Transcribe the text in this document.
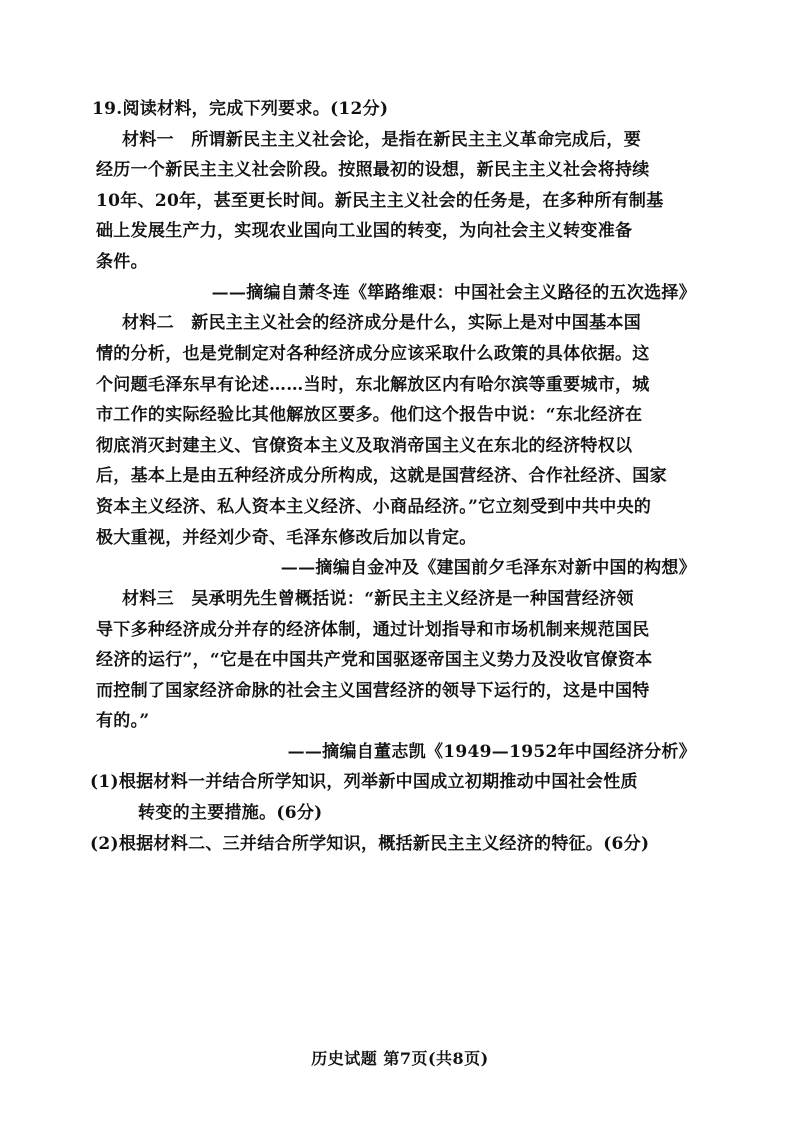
19.阅读材料，完成下列要求。(12分)
材料一　所谓新民主主义社会论，是指在新民主主义革命完成后，要
经历一个新民主主义社会阶段。按照最初的设想，新民主主义社会将持续
10年、20年，甚至更长时间。新民主主义社会的任务是，在多种所有制基
础上发展生产力，实现农业国向工业国的转变，为向社会主义转变准备
条件。
——摘编自萧冬连《筚路维艰：中国社会主义路径的五次选择》
材料二　新民主主义社会的经济成分是什么，实际上是对中国基本国
情的分析，也是党制定对各种经济成分应该采取什么政策的具体依据。这
个问题毛泽东早有论述……当时，东北解放区内有哈尔滨等重要城市，城
市工作的实际经验比其他解放区要多。他们这个报告中说：“东北经济在
彻底消灭封建主义、官僚资本主义及取消帝国主义在东北的经济特权以
后，基本上是由五种经济成分所构成，这就是国营经济、合作社经济、国家
资本主义经济、私人资本主义经济、小商品经济。”它立刻受到中共中央的
极大重视，并经刘少奇、毛泽东修改后加以肯定。
——摘编自金冲及《建国前夕毛泽东对新中国的构想》
材料三　吴承明先生曾概括说：“新民主主义经济是一种国营经济领
导下多种经济成分并存的经济体制，通过计划指导和市场机制来规范国民
经济的运行”，“它是在中国共产党和国驱逐帝国主义势力及没收官僚资本
而控制了国家经济命脉的社会主义国营经济的领导下运行的，这是中国特
有的。”
——摘编自董志凯《1949—1952年中国经济分析》
(1)根据材料一并结合所学知识，列举新中国成立初期推动中国社会性质
转变的主要措施。(6分)
(2)根据材料二、三并结合所学知识，概括新民主主义经济的特征。(6分)
历史试题 第7页(共8页)
